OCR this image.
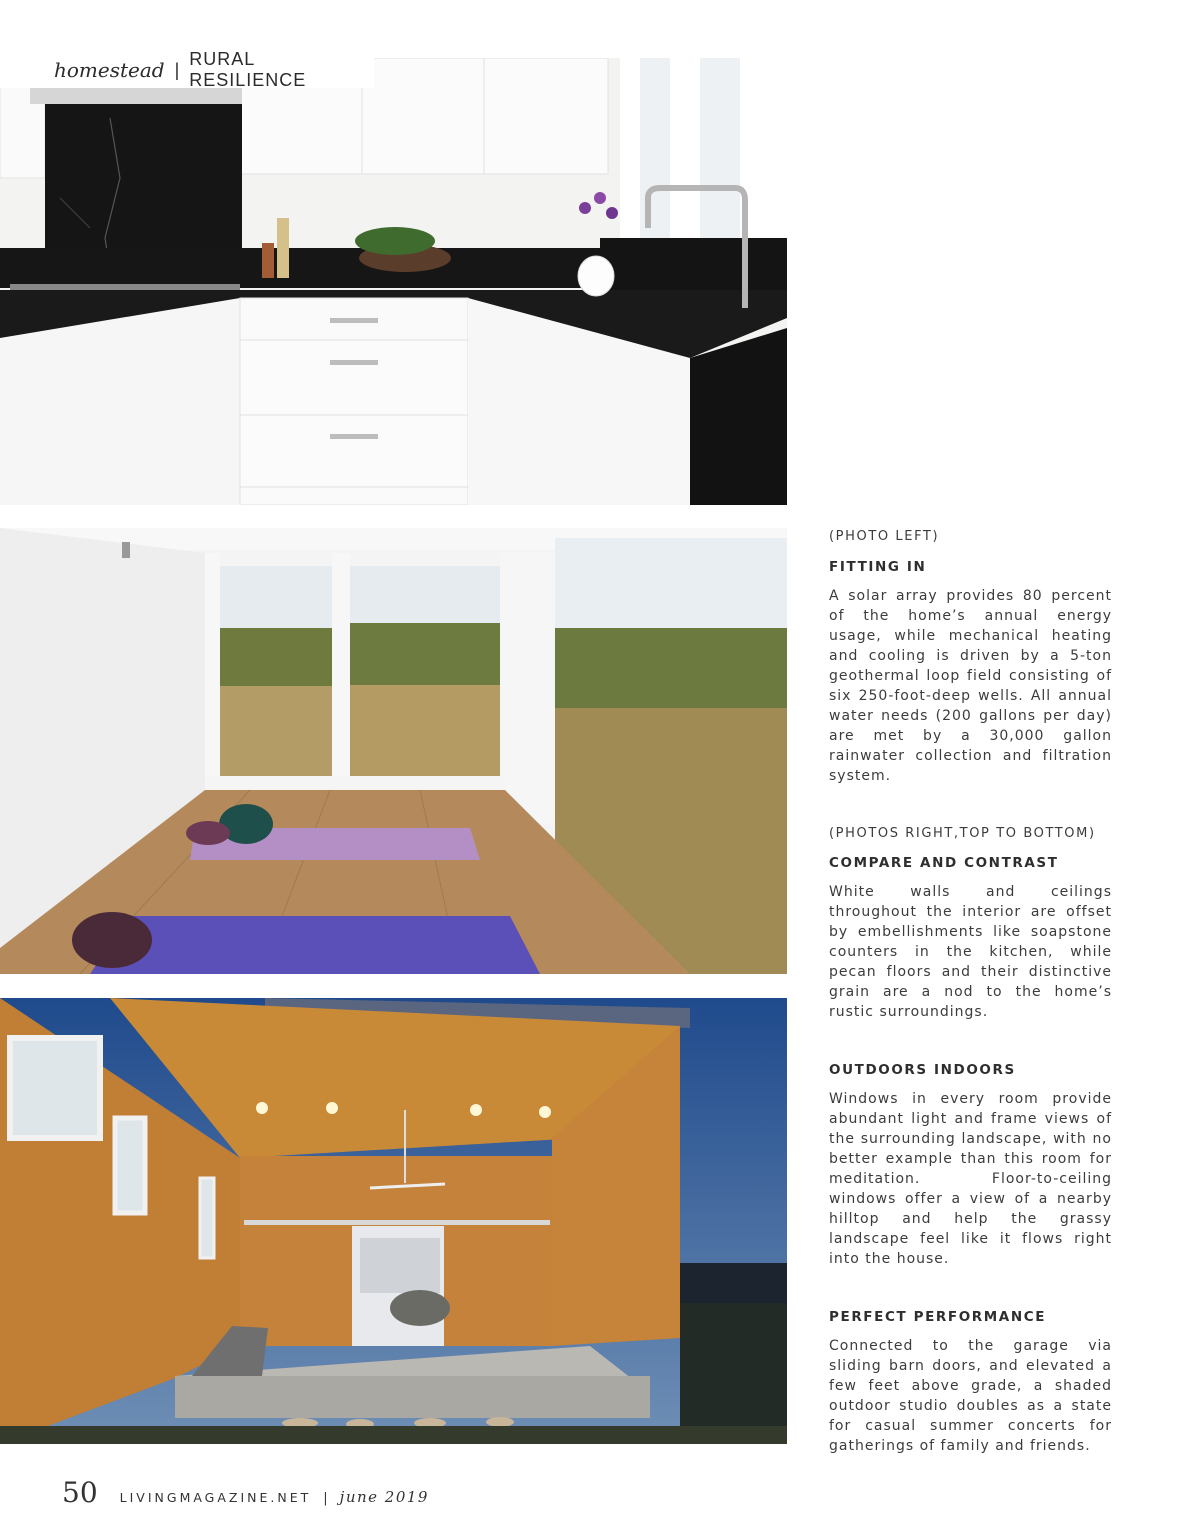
homestead |
RURAL RESILIENCE

(PHOTO LEFT)

FITTING IN

A solar array provides 80 percent of the home’s annual energy usage, while mechanical heating and cooling is driven by a 5-ton geothermal loop field consisting of six 250-foot-deep wells. All annual water needs (200 gallons per day) are met by a 30,000 gallon rainwater collection and filtration system.

(PHOTOS RIGHT,TOP TO BOTTOM)

COMPARE AND CONTRAST

White walls and ceilings throughout the interior are offset by embellishments like soapstone counters in the kitchen, while pecan floors and their distinctive grain are a nod to the home’s rustic surroundings.

OUTDOORS INDOORS

Windows in every room provide abundant light and frame views of the surrounding landscape, with no better example than this room for meditation. Floor-to-ceiling windows offer a view of a nearby hilltop and help the grassy landscape feel like it flows right into the house.

PERFECT PERFORMANCE

Connected to the garage via sliding barn doors, and elevated a few feet above grade, a shaded outdoor studio doubles as a state for casual summer concerts for gatherings of family and friends.

50 LIVINGMAGAZINE.NET | june 2019
